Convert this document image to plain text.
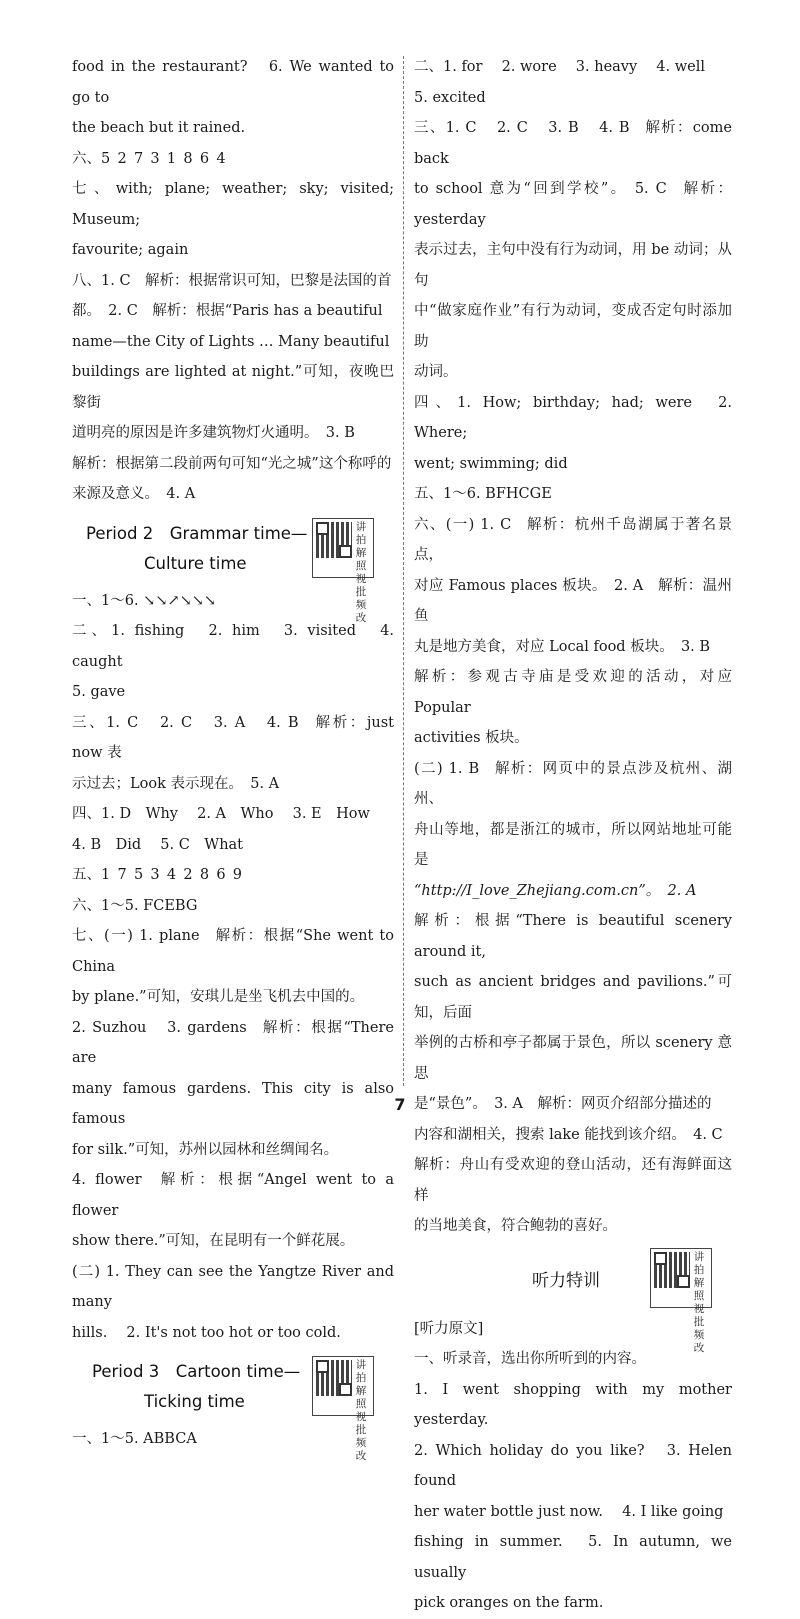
food in the restaurant?  6. We wanted to go to

the beach but it rained.

六、5 2 7 3 1 8 6 4

七、with; plane; weather; sky; visited; Museum;

favourite; again

八、1. C 解析：根据常识可知，巴黎是法国的首

都。 2. C 解析：根据“Paris has a beautiful

name—the City of Lights … Many beautiful

buildings are lighted at night.”可知，夜晚巴黎街

道明亮的原因是许多建筑物灯火通明。 3. B

解析：根据第二段前两句可知“光之城”这个称呼的

来源及意义。 4. A

Period 2 Grammar time—
Culture time
讲拍解照视批频改

一、1～6. ↘↘↗↘↘↘

二、1. fishing  2. him  3. visited  4. caught

5. gave

三、1. C  2. C  3. A  4. B 解析：just now 表

示过去；Look 表示现在。 5. A

四、1. D Why  2. A Who  3. E How

4. B Did  5. C What

五、1 7 5 3 4 2 8 6 9

六、1～5. FCEBG

七、(一) 1. plane 解析：根据“She went to China

by plane.”可知，安琪儿是坐飞机去中国的。

2. Suzhou  3. gardens 解析：根据“There are

many famous gardens. This city is also famous

for silk.”可知，苏州以园林和丝绸闻名。

4. flower 解析：根据“Angel went to a flower

show there.”可知，在昆明有一个鲜花展。

(二) 1. They can see the Yangtze River and many

hills.  2. It's not too hot or too cold.

Period 3 Cartoon time—
Ticking time
讲拍解照视批频改

一、1～5. ABBCA

二、1. for  2. wore  3. heavy  4. well

5. excited

三、1. C  2. C  3. B  4. B 解析：come back

to school 意为“回到学校”。 5. C 解析：yesterday

表示过去，主句中没有行为动词，用 be 动词；从句

中“做家庭作业”有行为动词，变成否定句时添加助

动词。

四、1. How; birthday; had; were  2. Where;

went; swimming; did

五、1～6. BFHCGE

六、(一) 1. C 解析：杭州千岛湖属于著名景点，

对应 Famous places 板块。 2. A 解析：温州鱼

丸是地方美食，对应 Local food 板块。 3. B

解析：参观古寺庙是受欢迎的活动，对应 Popular

activities 板块。

(二) 1. B 解析：网页中的景点涉及杭州、湖州、

舟山等地，都是浙江的城市，所以网站地址可能是

“http://I_love_Zhejiang.com.cn”。 2. A

解析：根据“There is beautiful scenery around it,

such as ancient bridges and pavilions.”可知，后面

举例的古桥和亭子都属于景色，所以 scenery 意思

是“景色”。 3. A 解析：网页介绍部分描述的

内容和湖相关，搜索 lake 能找到该介绍。 4. C

解析：舟山有受欢迎的登山活动，还有海鲜面这样

的当地美食，符合鲍勃的喜好。

听力特训
讲拍解照视批频改

[听力原文]

一、听录音，选出你所听到的内容。

1. I went shopping with my mother yesterday.

2. Which holiday do you like?  3. Helen found

her water bottle just now.  4. I like going

fishing in summer.  5. In autumn, we usually

pick oranges on the farm.

7
